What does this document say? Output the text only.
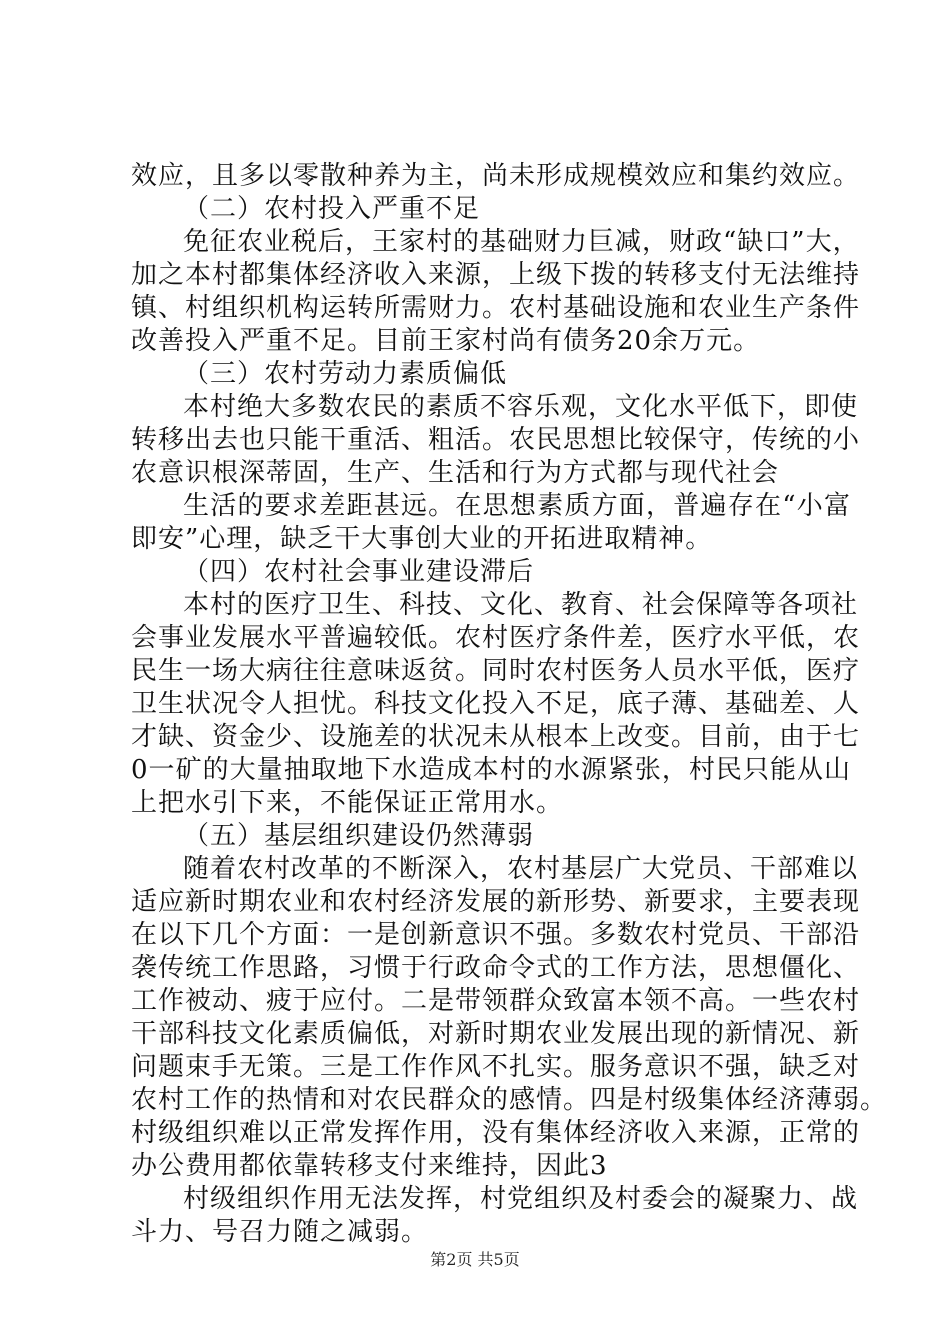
效应，且多以零散种养为主，尚未形成规模效应和集约效应。
（二）农村投入严重不足
免征农业税后，王家村的基础财力巨减，财政“缺口”大，
加之本村都集体经济收入来源，上级下拨的转移支付无法维持
镇、村组织机构运转所需财力。农村基础设施和农业生产条件
改善投入严重不足。目前王家村尚有债务20余万元。
（三）农村劳动力素质偏低
本村绝大多数农民的素质不容乐观，文化水平低下，即使
转移出去也只能干重活、粗活。农民思想比较保守，传统的小
农意识根深蒂固，生产、生活和行为方式都与现代社会
生活的要求差距甚远。在思想素质方面，普遍存在“小富
即安”心理，缺乏干大事创大业的开拓进取精神。
（四）农村社会事业建设滞后
本村的医疗卫生、科技、文化、教育、社会保障等各项社
会事业发展水平普遍较低。农村医疗条件差，医疗水平低，农
民生一场大病往往意味返贫。同时农村医务人员水平低，医疗
卫生状况令人担忧。科技文化投入不足，底子薄、基础差、人
才缺、资金少、设施差的状况未从根本上改变。目前，由于七
0一矿的大量抽取地下水造成本村的水源紧张，村民只能从山
上把水引下来，不能保证正常用水。
（五）基层组织建设仍然薄弱
随着农村改革的不断深入，农村基层广大党员、干部难以
适应新时期农业和农村经济发展的新形势、新要求，主要表现
在以下几个方面：一是创新意识不强。多数农村党员、干部沿
袭传统工作思路，习惯于行政命令式的工作方法，思想僵化、
工作被动、疲于应付。二是带领群众致富本领不高。一些农村
干部科技文化素质偏低，对新时期农业发展出现的新情况、新
问题束手无策。三是工作作风不扎实。服务意识不强，缺乏对
农村工作的热情和对农民群众的感情。四是村级集体经济薄弱。
村级组织难以正常发挥作用，没有集体经济收入来源，正常的
办公费用都依靠转移支付来维持，因此3
村级组织作用无法发挥，村党组织及村委会的凝聚力、战
斗力、号召力随之减弱。
第2页 共5页
